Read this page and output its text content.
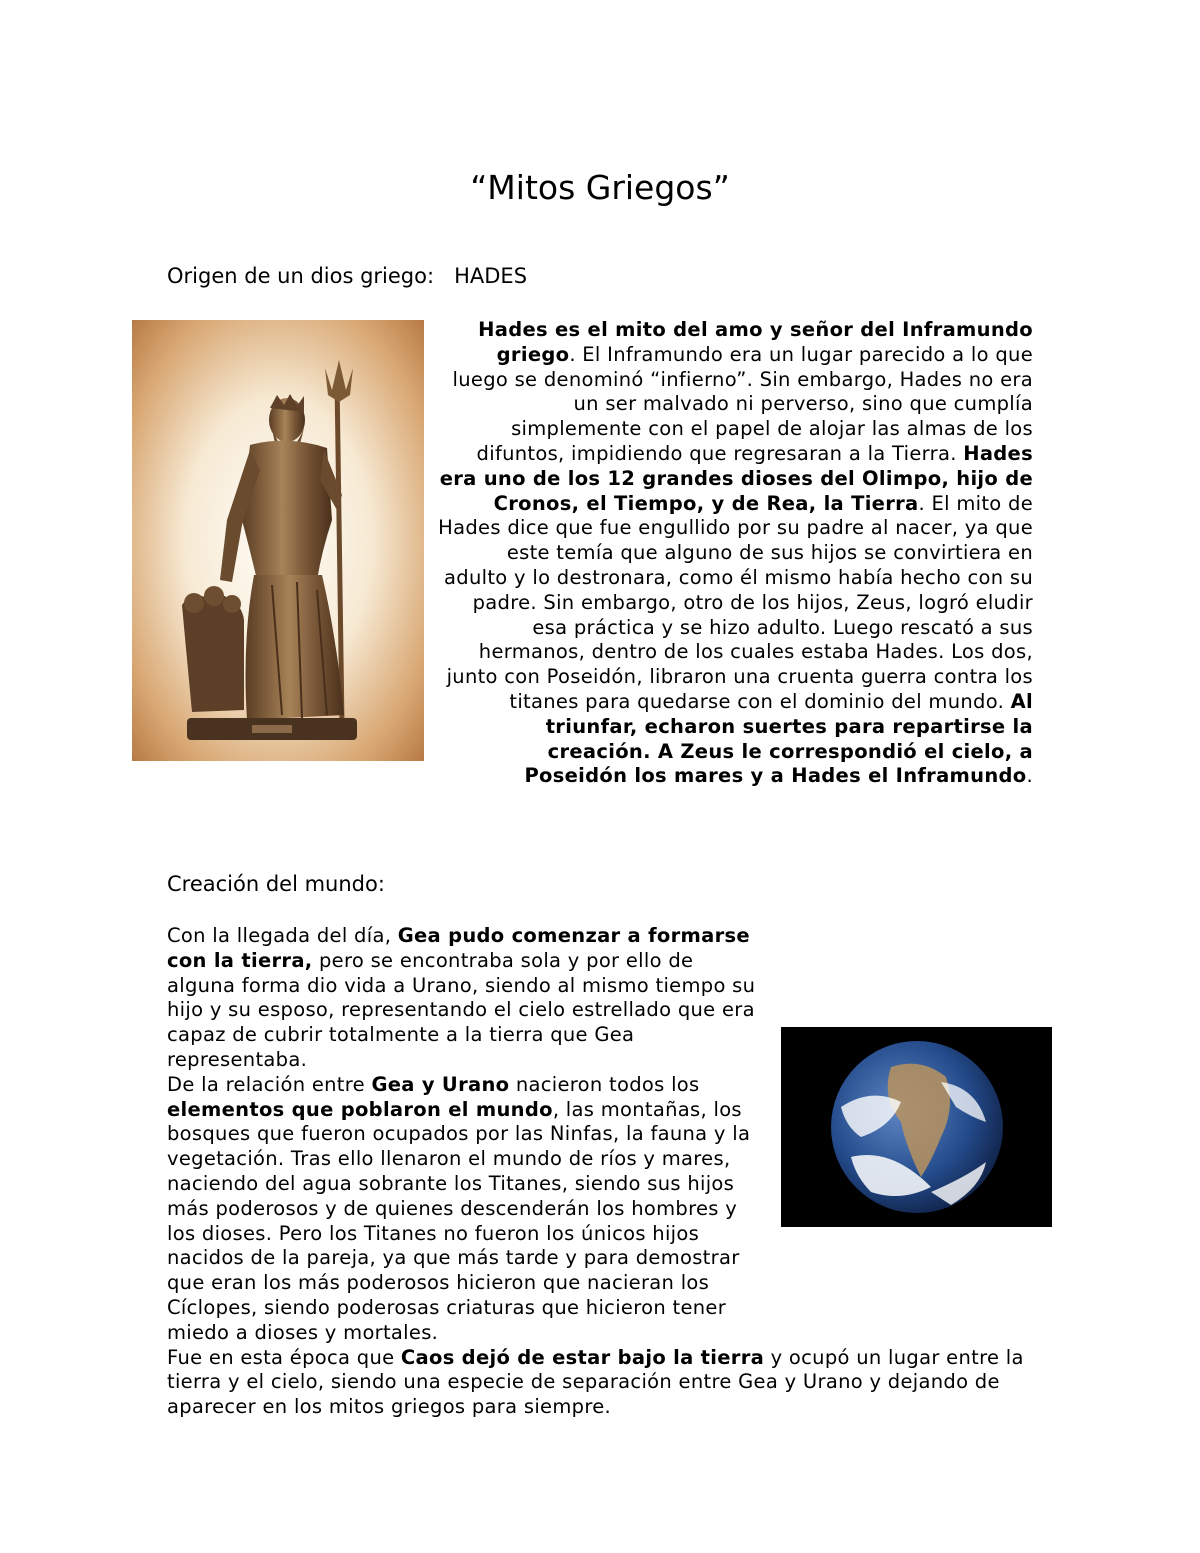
“Mitos Griegos”
Origen de un dios griego: HADES
Hades es el mito del amo y señor del Inframundo griego. El Inframundo era un lugar parecido a lo que luego se denominó “infierno”. Sin embargo, Hades no era un ser malvado ni perverso, sino que cumplía simplemente con el papel de alojar las almas de los difuntos, impidiendo que regresaran a la Tierra. Hades era uno de los 12 grandes dioses del Olimpo, hijo de Cronos, el Tiempo, y de Rea, la Tierra. El mito de Hades dice que fue engullido por su padre al nacer, ya que este temía que alguno de sus hijos se convirtiera en adulto y lo destronara, como él mismo había hecho con su padre. Sin embargo, otro de los hijos, Zeus, logró eludir esa práctica y se hizo adulto. Luego rescató a sus hermanos, dentro de los cuales estaba Hades. Los dos, junto con Poseidón, libraron una cruenta guerra contra los titanes para quedarse con el dominio del mundo. Al triunfar, echaron suertes para repartirse la creación. A Zeus le correspondió el cielo, a Poseidón los mares y a Hades el Inframundo.
Creación del mundo:
Con la llegada del día, Gea pudo comenzar a formarse con la tierra, pero se encontraba sola y por ello de alguna forma dio vida a Urano, siendo al mismo tiempo su hijo y su esposo, representando el cielo estrellado que era capaz de cubrir totalmente a la tierra que Gea representaba.
De la relación entre Gea y Urano nacieron todos los elementos que poblaron el mundo, las montañas, los bosques que fueron ocupados por las Ninfas, la fauna y la vegetación. Tras ello llenaron el mundo de ríos y mares, naciendo del agua sobrante los Titanes, siendo sus hijos más poderosos y de quienes descenderán los hombres y los dioses. Pero los Titanes no fueron los únicos hijos nacidos de la pareja, ya que más tarde y para demostrar que eran los más poderosos hicieron que nacieran los Cíclopes, siendo poderosas criaturas que hicieron tener miedo a dioses y mortales.
Fue en esta época que Caos dejó de estar bajo la tierra y ocupó un lugar entre la tierra y el cielo, siendo una especie de separación entre Gea y Urano y dejando de aparecer en los mitos griegos para siempre.
